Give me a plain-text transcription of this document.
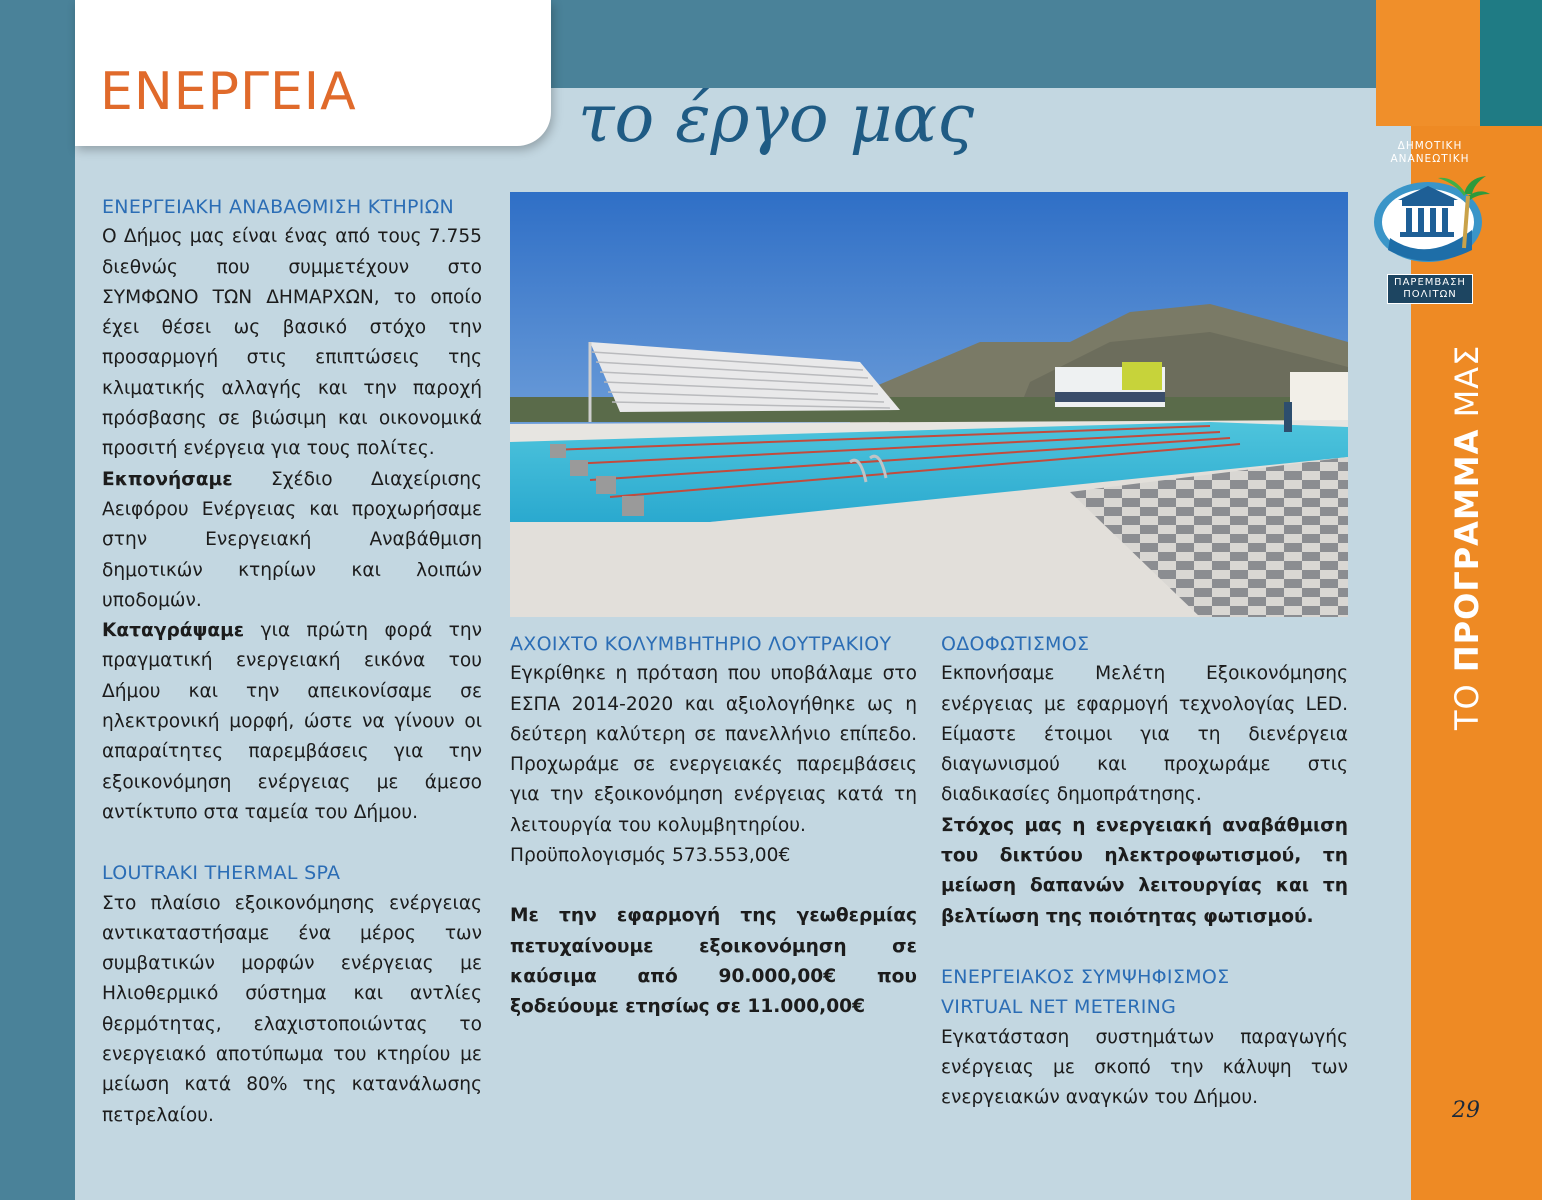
ΕΝΕΡΓΕΙΑ	το έργο μας	ΔΗΜΟΤΙΚΗ
ΑΝΑΝΕΩΤΙΚΗ
ΠΑΡΕΜΒΑΣΗ
ΠΟΛΙΤΩΝ
ΤΟ ΠΡΟΓΡΑΜΜΑ ΜΑΣ
29
ΕΝΕΡΓΕΙΑΚΗ ΑΝΑΒΑΘΜΙΣΗ ΚΤΗΡΙΩΝ
Ο Δήμος μας είναι ένας από τους 7.755 διεθνώς που συμμετέχουν στο ΣΥΜΦΩΝΟ ΤΩΝ ΔΗΜΑΡΧΩΝ, το οποίο έχει θέσει ως βασικό στόχο την προσαρμογή στις επιπτώσεις της κλιματικής αλλαγής και την παροχή πρόσβασης σε βιώσιμη και οικονομικά προσιτή ενέργεια για τους πολίτες.
Εκπονήσαμε Σχέδιο Διαχείρισης Αειφόρου Ενέργειας και προχωρήσαμε στην Ενεργειακή Αναβάθμιση δημοτικών κτηρίων και λοιπών υποδομών.
Καταγράψαμε για πρώτη φορά την πραγματική ενεργειακή εικόνα του Δήμου και την απεικονίσαμε σε ηλεκτρονική μορφή, ώστε να γίνουν οι απαραίτητες παρεμβάσεις για την εξοικονόμηση ενέργειας με άμεσο αντίκτυπο στα ταμεία του Δήμου.
LOUTRAKI THERMAL SPA
Στο πλαίσιο εξοικονόμησης ενέργειας αντικαταστήσαμε ένα μέρος των συμβατικών μορφών ενέργειας με Ηλιοθερμικό σύστημα και αντλίες θερμότητας, ελαχιστοποιώντας το ενεργειακό αποτύπωμα του κτηρίου με μείωση κατά 80% της κατανάλωσης πετρελαίου.
ΑΧΟΙΧΤΟ ΚΟΛΥΜΒΗΤΗΡΙΟ ΛΟΥΤΡΑΚΙΟΥ
Εγκρίθηκε η πρόταση που υποβάλαμε στο ΕΣΠΑ 2014-2020 και αξιολογήθηκε ως η δεύτερη καλύτερη σε πανελλήνιο επίπεδο. Προχωράμε σε ενεργειακές παρεμβάσεις για την εξοικονόμηση ενέργειας κατά τη λειτουργία του κολυμβητηρίου.
Προϋπολογισμός 573.553,00€
Με την εφαρμογή της γεωθερμίας πετυχαίνουμε εξοικονόμηση σε καύσιμα από 90.000,00€ που ξοδεύουμε ετησίως σε 11.000,00€
ΟΔΟΦΩΤΙΣΜΟΣ
Εκπονήσαμε Μελέτη Εξοικονόμησης ενέργειας με εφαρμογή τεχνολογίας LED. Είμαστε έτοιμοι για τη διενέργεια διαγωνισμού και προχωράμε στις διαδικασίες δημοπράτησης.
Στόχος μας η ενεργειακή αναβάθμιση του δικτύου ηλεκτροφωτισμού, τη μείωση δαπανών λειτουργίας και τη βελτίωση της ποιότητας φωτισμού.
ΕΝΕΡΓΕΙΑΚΟΣ ΣΥΜΨΗΦΙΣΜΟΣ
VIRTUAL NET METERING
Εγκατάσταση συστημάτων παραγωγής ενέργειας με σκοπό την κάλυψη των ενεργειακών αναγκών του Δήμου.
